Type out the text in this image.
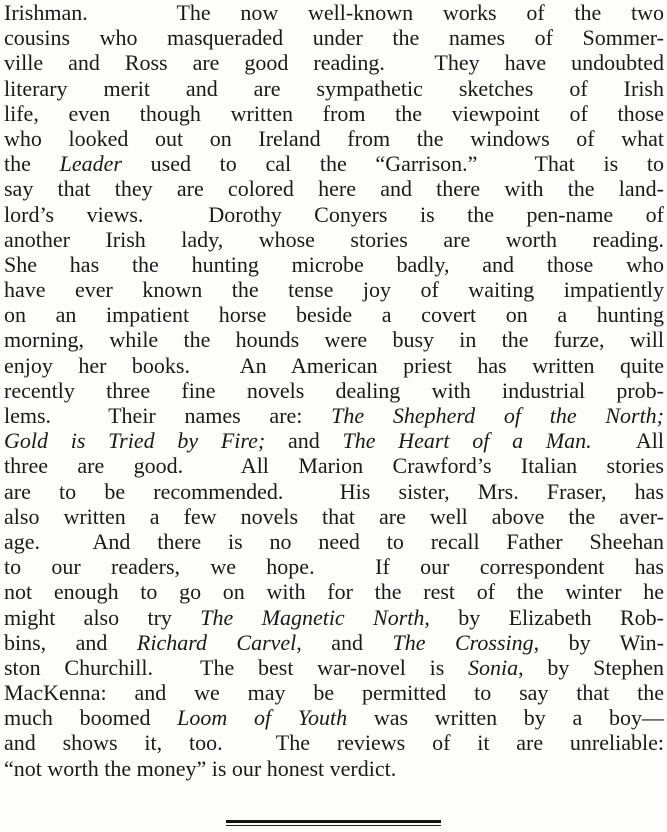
Irishman.   The now well-known works of the two
cousins who masqueraded under the names of Sommer-
ville and Ross are good reading.  They have undoubted
literary merit and are sympathetic sketches of Irish
life, even though written from the viewpoint of those
who looked out on Ireland from the windows of what
the Leader used to cal the “Garrison.”  That is to
say that they are colored here and there with the land-
lord’s views.  Dorothy Conyers is the pen-name of
another Irish lady, whose stories are worth reading.
She has the hunting microbe badly, and those who
have ever known the tense joy of waiting impatiently
on an impatient horse beside a covert on a hunting
morning, while the hounds were busy in the furze, will
enjoy her books.  An American priest has written quite
recently three fine novels dealing with industrial prob-
lems.  Their names are: The Shepherd of the North;
Gold is Tried by Fire; and The Heart of a Man.  All
three are good.  All Marion Crawford’s Italian stories
are to be recommended.  His sister, Mrs. Fraser, has
also written a few novels that are well above the aver-
age.  And there is no need to recall Father Sheehan
to our readers, we hope.  If our correspondent has
not enough to go on with for the rest of the winter he
might also try The Magnetic North, by Elizabeth Rob-
bins, and Richard Carvel, and The Crossing, by Win-
ston Churchill.  The best war-novel is Sonia, by Stephen
MacKenna: and we may be permitted to say that the
much boomed Loom of Youth was written by a boy—
and shows it, too.  The reviews of it are unreliable:
“not worth the money” is our honest verdict.
